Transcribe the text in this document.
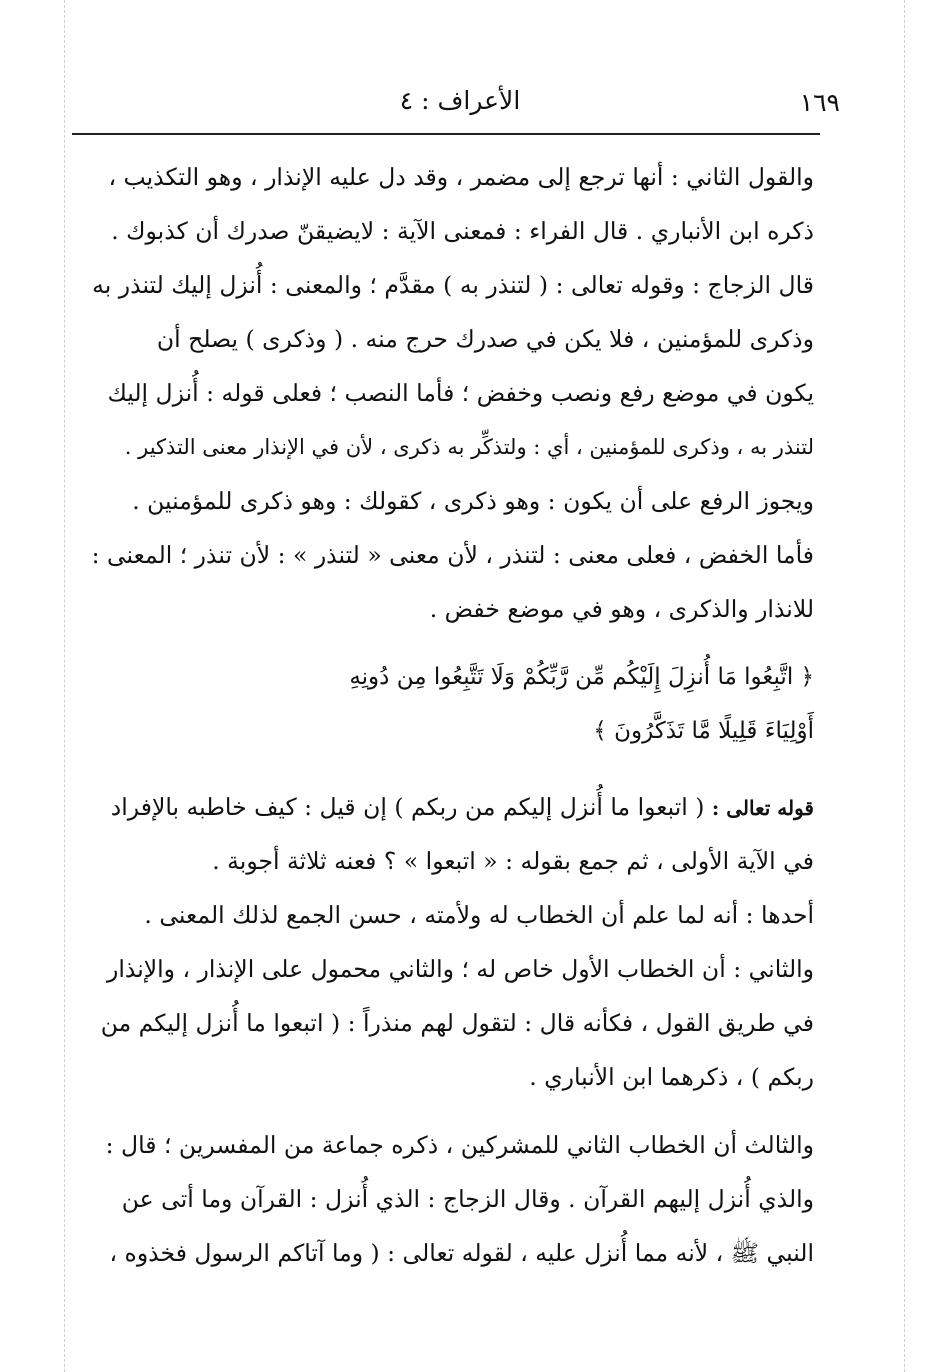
١٦٩
الأعراف : ٤
والقول الثاني : أنها ترجع إلى مضمر ، وقد دل عليه الإنذار ، وهو التكذيب ،
ذكره ابن الأنباري . قال الفراء : فمعنى الآية : لايضيقنّ صدرك أن كذبوك .
قال الزجاج : وقوله تعالى : ( لتنذر به ) مقدَّم ؛ والمعنى : أُنزل إليك لتنذر به
وذكرى للمؤمنين ، فلا يكن في صدرك حرج منه . ( وذكرى ) يصلح أن
يكون في موضع رفع ونصب وخفض ؛ فأما النصب ؛ فعلى قوله : أُنزل إليك
لتنذر به ، وذكرى للمؤمنين ، أي : ولتذكِّر به ذكرى ، لأن في الإنذار معنى التذكير .
ويجوز الرفع على أن يكون : وهو ذكرى ، كقولك : وهو ذكرى للمؤمنين .
فأما الخفض ، فعلى معنى : لتنذر ، لأن معنى « لتنذر » : لأن تنذر ؛ المعنى :
للانذار والذكرى ، وهو في موضع خفض .
﴿ اتَّبِعُوا مَا أُنزِلَ إِلَيْكُم مِّن رَّبِّكُمْ وَلَا تَتَّبِعُوا مِن دُونِهِ
أَوْلِيَاءَ قَلِيلًا مَّا تَذَكَّرُونَ ﴾
قوله تعالى : ( اتبعوا ما أُنزل إليكم من ربكم ) إن قيل : كيف خاطبه بالإفراد
في الآية الأولى ، ثم جمع بقوله : « اتبعوا » ؟ فعنه ثلاثة أجوبة .
أحدها : أنه لما علم أن الخطاب له ولأمته ، حسن الجمع لذلك المعنى .
والثاني : أن الخطاب الأول خاص له ؛ والثاني محمول على الإنذار ، والإنذار
في طريق القول ، فكأنه قال : لتقول لهم منذراً : ( اتبعوا ما أُنزل إليكم من
ربكم ) ، ذكرهما ابن الأنباري .
والثالث أن الخطاب الثاني للمشركين ، ذكره جماعة من المفسرين ؛ قال :
والذي أُنزل إليهم القرآن . وقال الزجاج : الذي أُنزل : القرآن وما أتى عن
النبي ﷺ ، لأنه مما أُنزل عليه ، لقوله تعالى : ( وما آتاكم الرسول فخذوه ،
